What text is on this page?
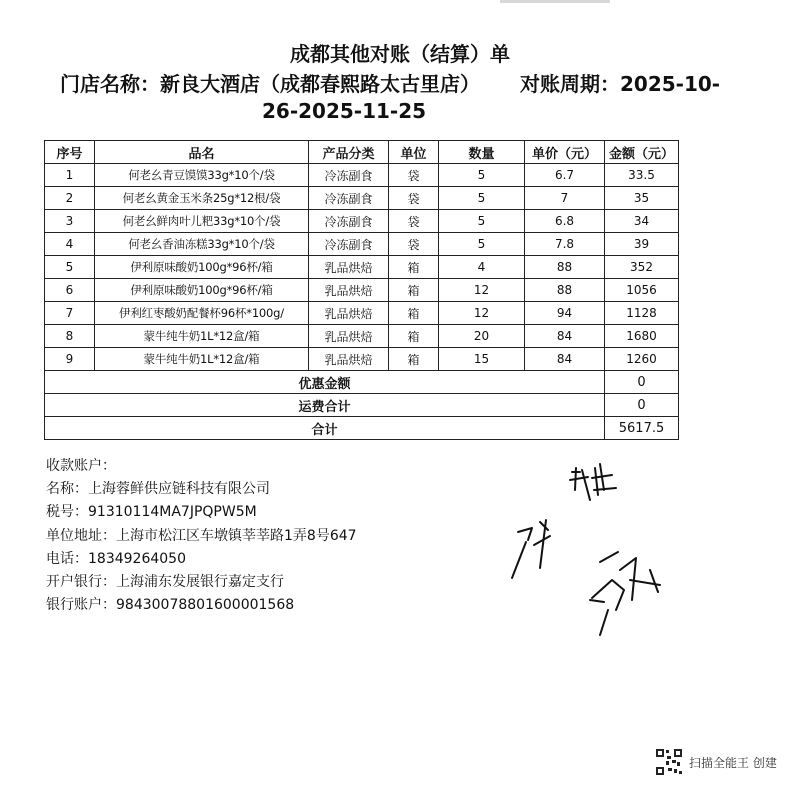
成都其他对账（结算）单
门店名称：新良大酒店（成都春熙路太古里店） 对账周期：2025-10-
26-2025-11-25
序号	品名	产品分类	单位	数量	单价（元）	金额（元）
1	何老幺青豆馍馍33g*10个/袋	冷冻副食	袋	5	6.7	33.5
2	何老幺黄金玉米条25g*12根/袋	冷冻副食	袋	5	7	35
3	何老幺鲜肉叶儿粑33g*10个/袋	冷冻副食	袋	5	6.8	34
4	何老幺香油冻糕33g*10个/袋	冷冻副食	袋	5	7.8	39
5	伊利原味酸奶100g*96杯/箱	乳品烘焙	箱	4	88	352
6	伊利原味酸奶100g*96杯/箱	乳品烘焙	箱	12	88	1056
7	伊利红枣酸奶配餐杯96杯*100g/	乳品烘焙	箱	12	94	1128
8	蒙牛纯牛奶1L*12盒/箱	乳品烘焙	箱	20	84	1680
9	蒙牛纯牛奶1L*12盒/箱	乳品烘焙	箱	15	84	1260
优惠金额						0
运费合计						0
合计						5617.5
收款账户：
名称：上海蓉鲜供应链科技有限公司
税号：91310114MA7JPQPW5M
单位地址：上海市松江区车墩镇莘莘路1弄8号647
电话：18349264050
开户银行：上海浦东发展银行嘉定支行
银行账户：98430078801600001568
扫描全能王 创建
